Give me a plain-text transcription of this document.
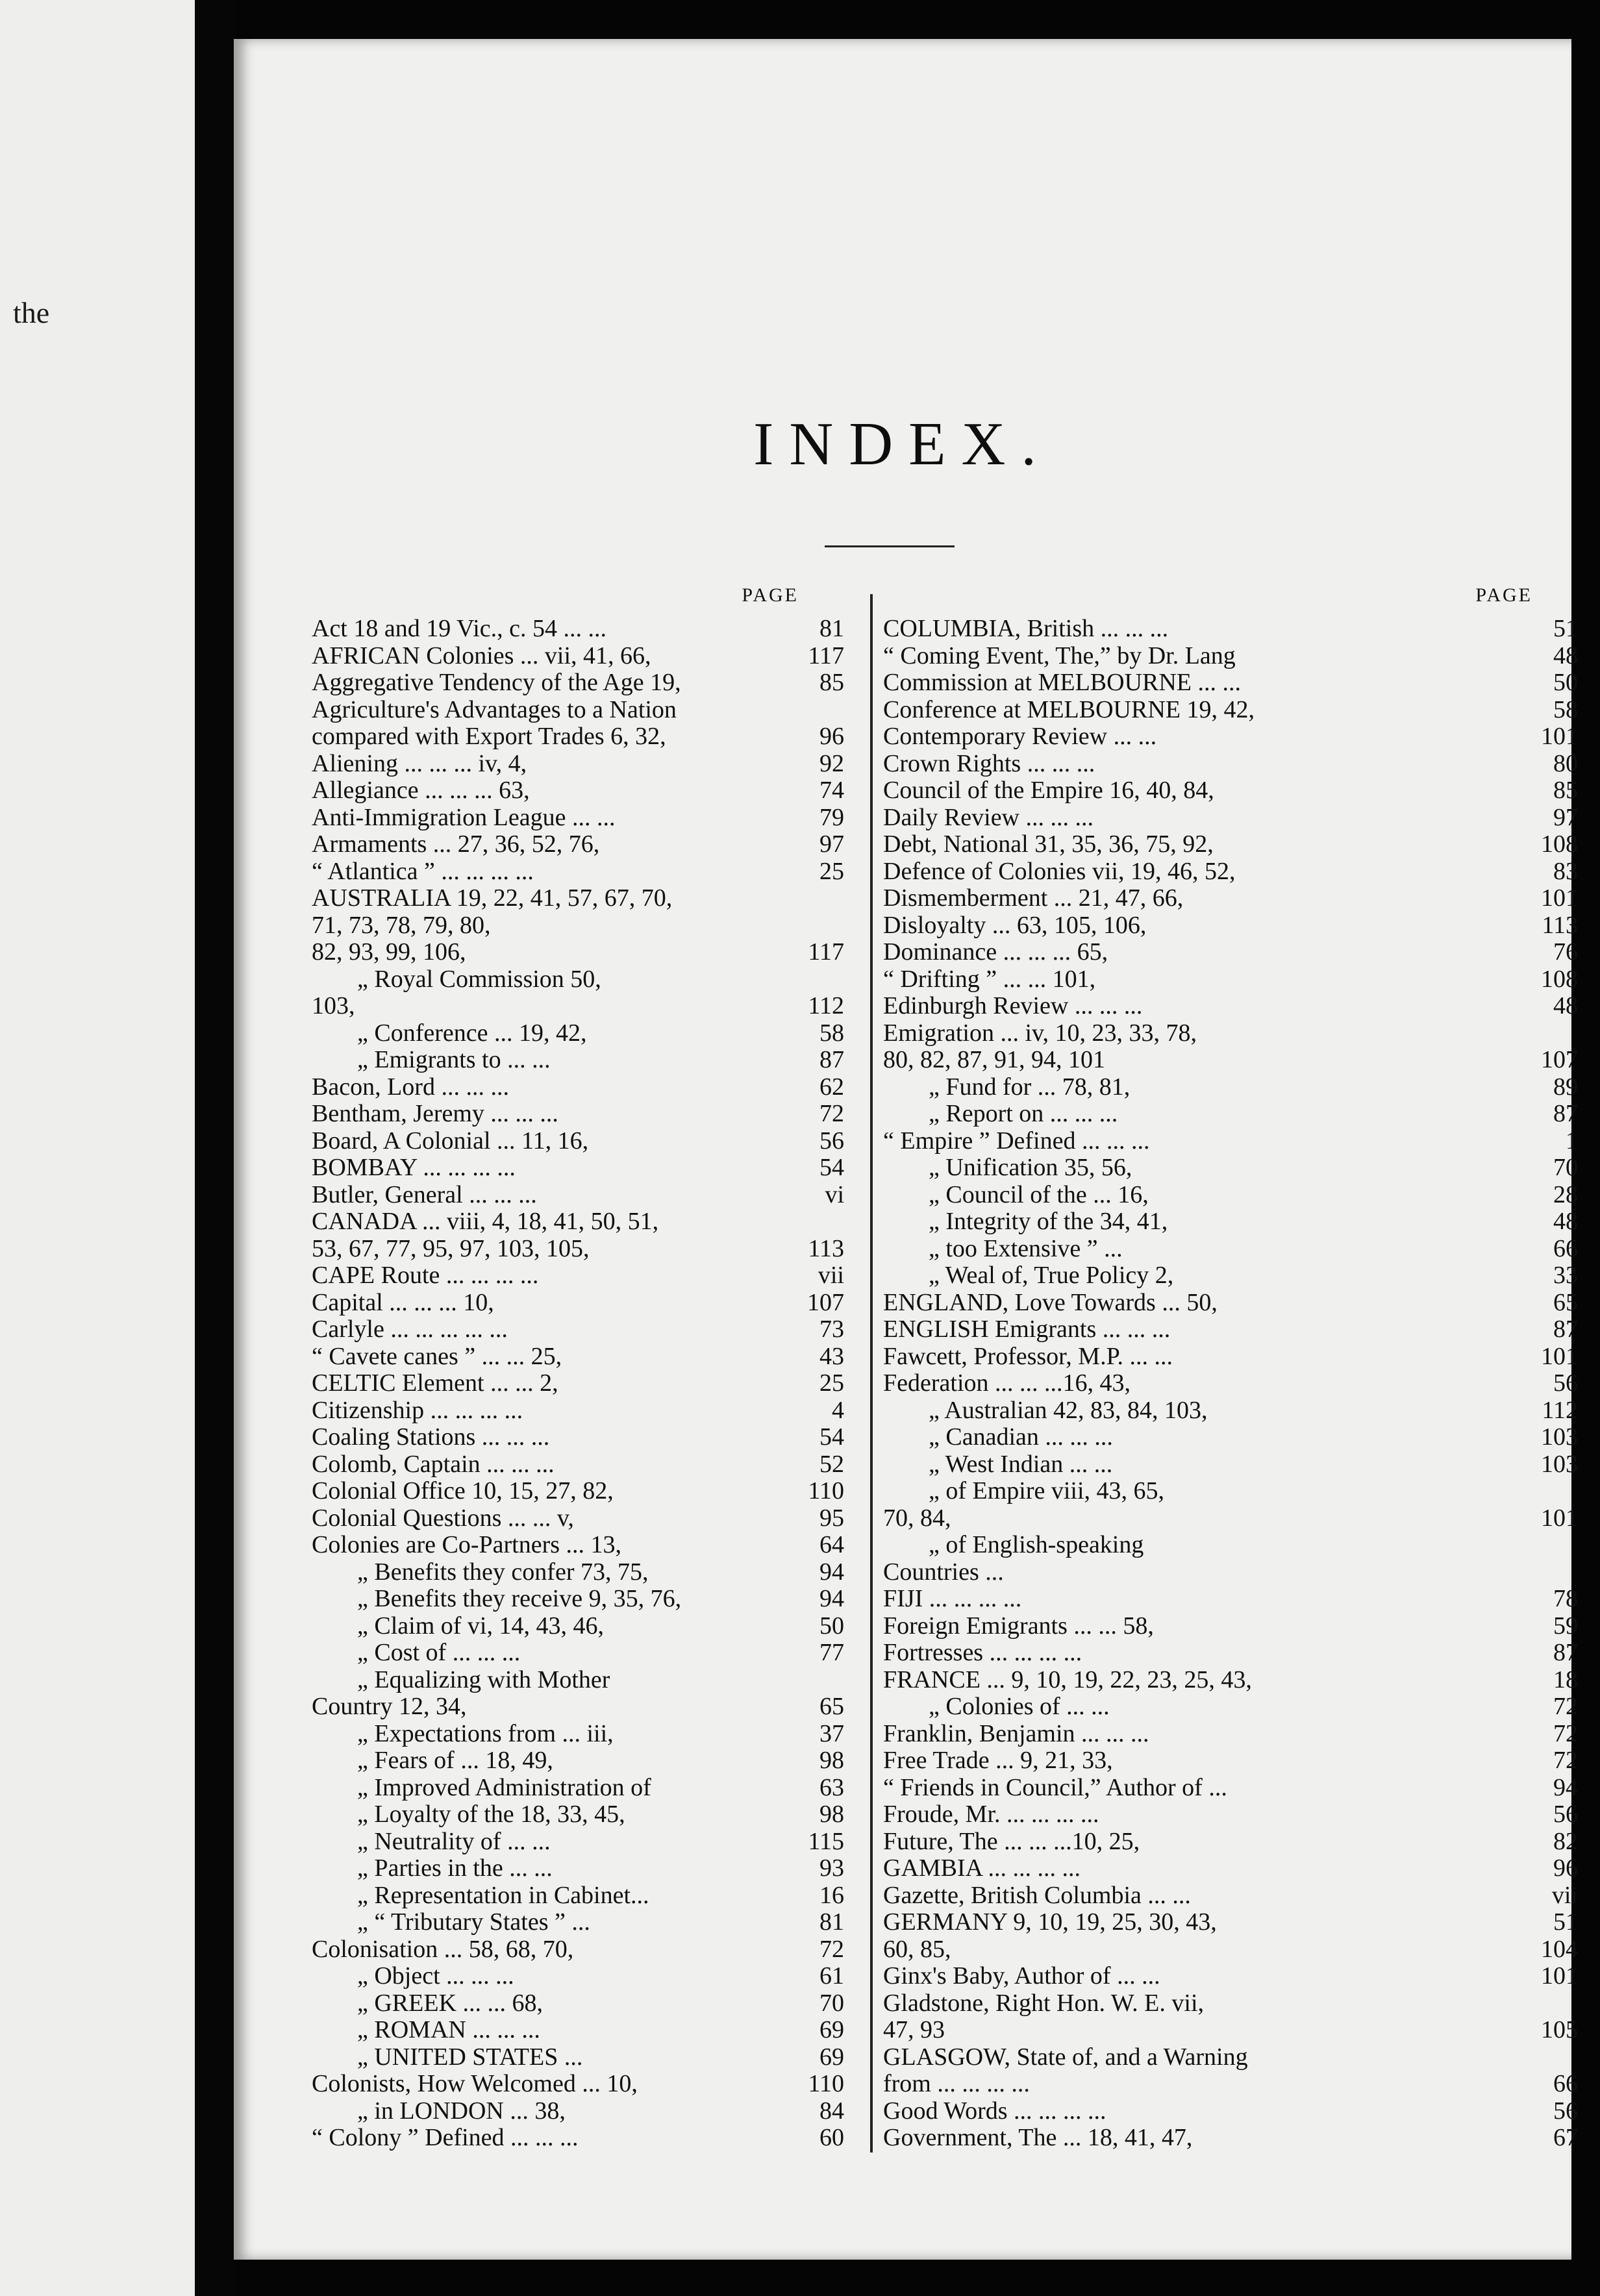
the
INDEX.
PAGE
Act 18 and 19 Vic., c. 54 ... ...	81
AFRICAN Colonies ... vii, 41, 66,	117
Aggregative Tendency of the Age 19,	85
Agriculture's Advantages to a Nation
compared with Export Trades 6, 32,	96
Aliening ... ... ... iv, 4,	92
Allegiance ... ... ... 63,	74
Anti-Immigration League ... ...	79
Armaments ... 27, 36, 52, 76,	97
“ Atlantica ” ... ... ... ...	25
AUSTRALIA 19, 22, 41, 57, 67, 70,
71, 73, 78, 79, 80,
82, 93, 99, 106,	117
„ Royal Commission 50,
103,	112
„ Conference ... 19, 42,	58
„ Emigrants to ... ...	87
Bacon, Lord ... ... ...	62
Bentham, Jeremy ... ... ...	72
Board, A Colonial ... 11, 16,	56
BOMBAY ... ... ... ...	54
Butler, General ... ... ...	vi
CANADA ... viii, 4, 18, 41, 50, 51,
53, 67, 77, 95, 97, 103, 105,	113
CAPE Route ... ... ... ...	vii
Capital ... ... ... 10,	107
Carlyle ... ... ... ... ...	73
“ Cavete canes ” ... ... 25,	43
CELTIC Element ... ... 2,	25
Citizenship ... ... ... ...	4
Coaling Stations ... ... ...	54
Colomb, Captain ... ... ...	52
Colonial Office 10, 15, 27, 82,	110
Colonial Questions ... ... v,	95
Colonies are Co-Partners ... 13,	64
„ Benefits they confer 73, 75,	94
„ Benefits they receive 9, 35, 76,	94
„ Claim of vi, 14, 43, 46,	50
„ Cost of ... ... ...	77
„ Equalizing with Mother
Country 12, 34,	65
„ Expectations from ... iii,	37
„ Fears of ... 18, 49,	98
„ Improved Administration of	63
„ Loyalty of the 18, 33, 45,	98
„ Neutrality of ... ...	115
„ Parties in the ... ...	93
„ Representation in Cabinet...	16
„ “ Tributary States ” ...	81
Colonisation ... 58, 68, 70,	72
„ Object ... ... ...	61
„ GREEK ... ... 68,	70
„ ROMAN ... ... ...	69
„ UNITED STATES ...	69
Colonists, How Welcomed ... 10,	110
„ in LONDON ... 38,	84
“ Colony ” Defined ... ... ...	60
PAGE
COLUMBIA, British ... ... ...	51
“ Coming Event, The,” by Dr. Lang	48
Commission at MELBOURNE ... ...	50
Conference at MELBOURNE 19, 42,	58
Contemporary Review ... ...	101
Crown Rights ... ... ...	80
Council of the Empire 16, 40, 84,	85
Daily Review ... ... ...	97
Debt, National 31, 35, 36, 75, 92,	108
Defence of Colonies vii, 19, 46, 52,	83
Dismemberment ... 21, 47, 66,	101
Disloyalty ... 63, 105, 106,	113
Dominance ... ... ... 65,	76
“ Drifting ” ... ... 101,	108
Edinburgh Review ... ... ...	48
Emigration ... iv, 10, 23, 33, 78,
80, 82, 87, 91, 94, 101	107
„ Fund for ... 78, 81,	89
„ Report on ... ... ...	87
“ Empire ” Defined ... ... ...	1
„ Unification 35, 56,	70
„ Council of the ... 16,	28
„ Integrity of the 34, 41,	48
„ too Extensive ” ...	66
„ Weal of, True Policy 2,	33
ENGLAND, Love Towards ... 50,	65
ENGLISH Emigrants ... ... ...	87
Fawcett, Professor, M.P. ... ...	101
Federation ... ... ...16, 43,	56
„ Australian 42, 83, 84, 103,	112
„ Canadian ... ... ...	103
„ West Indian ... ...	103
„ of Empire viii, 43, 65,
70, 84,	101
„ of English-speaking
Countries ...
FIJI ... ... ... ...	78
Foreign Emigrants ... ... 58,	59
Fortresses ... ... ... ...	87
FRANCE ... 9, 10, 19, 22, 23, 25, 43,	18
„ Colonies of ... ...	72
Franklin, Benjamin ... ... ...	72
Free Trade ... 9, 21, 33,	72
“ Friends in Council,” Author of ...	94
Froude, Mr. ... ... ... ...	56
Future, The ... ... ...10, 25,	82
GAMBIA ... ... ... ...	96
Gazette, British Columbia ... ...	vii
GERMANY 9, 10, 19, 25, 30, 43,	51
60, 85,	104
Ginx's Baby, Author of ... ...	101
Gladstone, Right Hon. W. E. vii,
47, 93	105
GLASGOW, State of, and a Warning
from ... ... ... ...	66
Good Words ... ... ... ...	56
Government, The ... 18, 41, 47,	67
